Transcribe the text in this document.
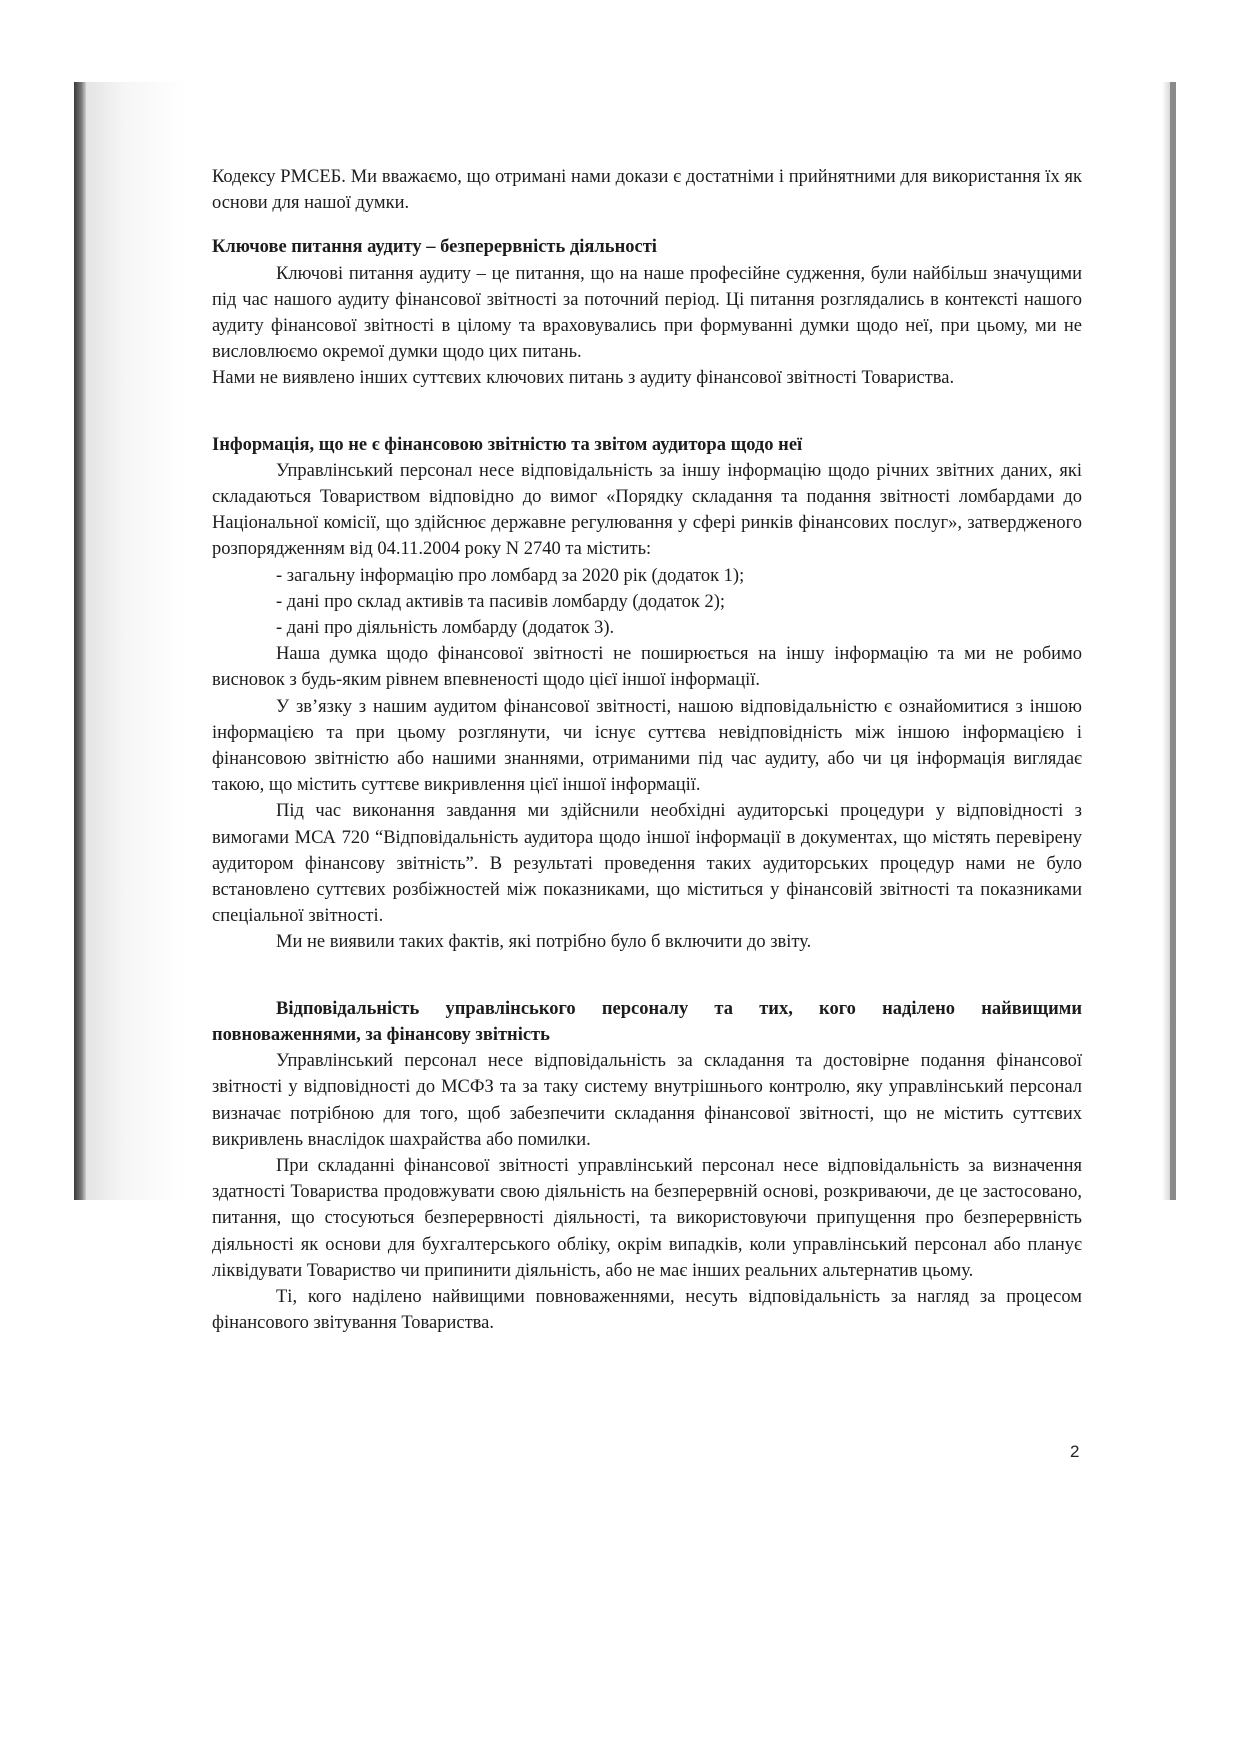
Кодексу РМСЕБ. Ми вважаємо, що отримані нами докази є достатніми і прийнятними для використання їх як основи для нашої думки.

Ключове питання аудиту – безперервність діяльності

Ключові питання аудиту – це питання, що на наше професійне судження, були найбільш значущими під час нашого аудиту фінансової звітності за поточний період. Ці питання розглядались в контексті нашого аудиту фінансової звітності в цілому та враховувались при формуванні думки щодо неї, при цьому, ми не висловлюємо окремої думки щодо цих питань.

Нами не виявлено інших суттєвих ключових питань з аудиту фінансової звітності Товариства.

Інформація, що не є фінансовою звітністю та звітом аудитора щодо неї

Управлінський персонал несе відповідальність за іншу інформацію щодо річних звітних даних, які складаються Товариством відповідно до вимог «Порядку складання та подання звітності ломбардами до Національної комісії, що здійснює державне регулювання у сфері ринків фінансових послуг», затвердженого розпорядженням від 04.11.2004 року N 2740 та містить:

- загальну інформацію про ломбард за 2020 рік (додаток 1);

- дані про склад активів та пасивів ломбарду (додаток 2);

- дані про діяльність ломбарду (додаток 3).

Наша думка щодо фінансової звітності не поширюється на іншу інформацію та ми не робимо висновок з будь-яким рівнем впевненості щодо цієї іншої інформації.

У зв’язку з нашим аудитом фінансової звітності, нашою відповідальністю є ознайомитися з іншою інформацією та при цьому розглянути, чи існує суттєва невідповідність між іншою інформацією і фінансовою звітністю або нашими знаннями, отриманими під час аудиту, або чи ця інформація виглядає такою, що містить суттєве викривлення цієї іншої інформації.

Під час виконання завдання ми здійснили необхідні аудиторські процедури у відповідності з вимогами МСА 720 “Відповідальність аудитора щодо іншої інформації в документах, що містять перевірену аудитором фінансову звітність”. В результаті проведення таких аудиторських процедур нами не було встановлено суттєвих розбіжностей між показниками, що міститься у фінансовій звітності та показниками спеціальної звітності.

Ми не виявили таких фактів, які потрібно було б включити до звіту.

Відповідальність управлінського персоналу та тих, кого наділено найвищими повноваженнями, за фінансову звітність

Управлінський персонал несе відповідальність за складання та достовірне подання фінансової звітності у відповідності до МСФЗ та за таку систему внутрішнього контролю, яку управлінський персонал визначає потрібною для того, щоб забезпечити складання фінансової звітності, що не містить суттєвих викривлень внаслідок шахрайства або помилки.

При складанні фінансової звітності управлінський персонал несе відповідальність за визначення здатності Товариства продовжувати свою діяльність на безперервній основі, розкриваючи, де це застосовано, питання, що стосуються безперервності діяльності, та використовуючи припущення про безперервність діяльності як основи для бухгалтерського обліку, окрім випадків, коли управлінський персонал або планує ліквідувати Товариство чи припинити діяльність, або не має інших реальних альтернатив цьому.

Ті, кого наділено найвищими повноваженнями, несуть відповідальність за нагляд за процесом фінансового звітування Товариства.

2
